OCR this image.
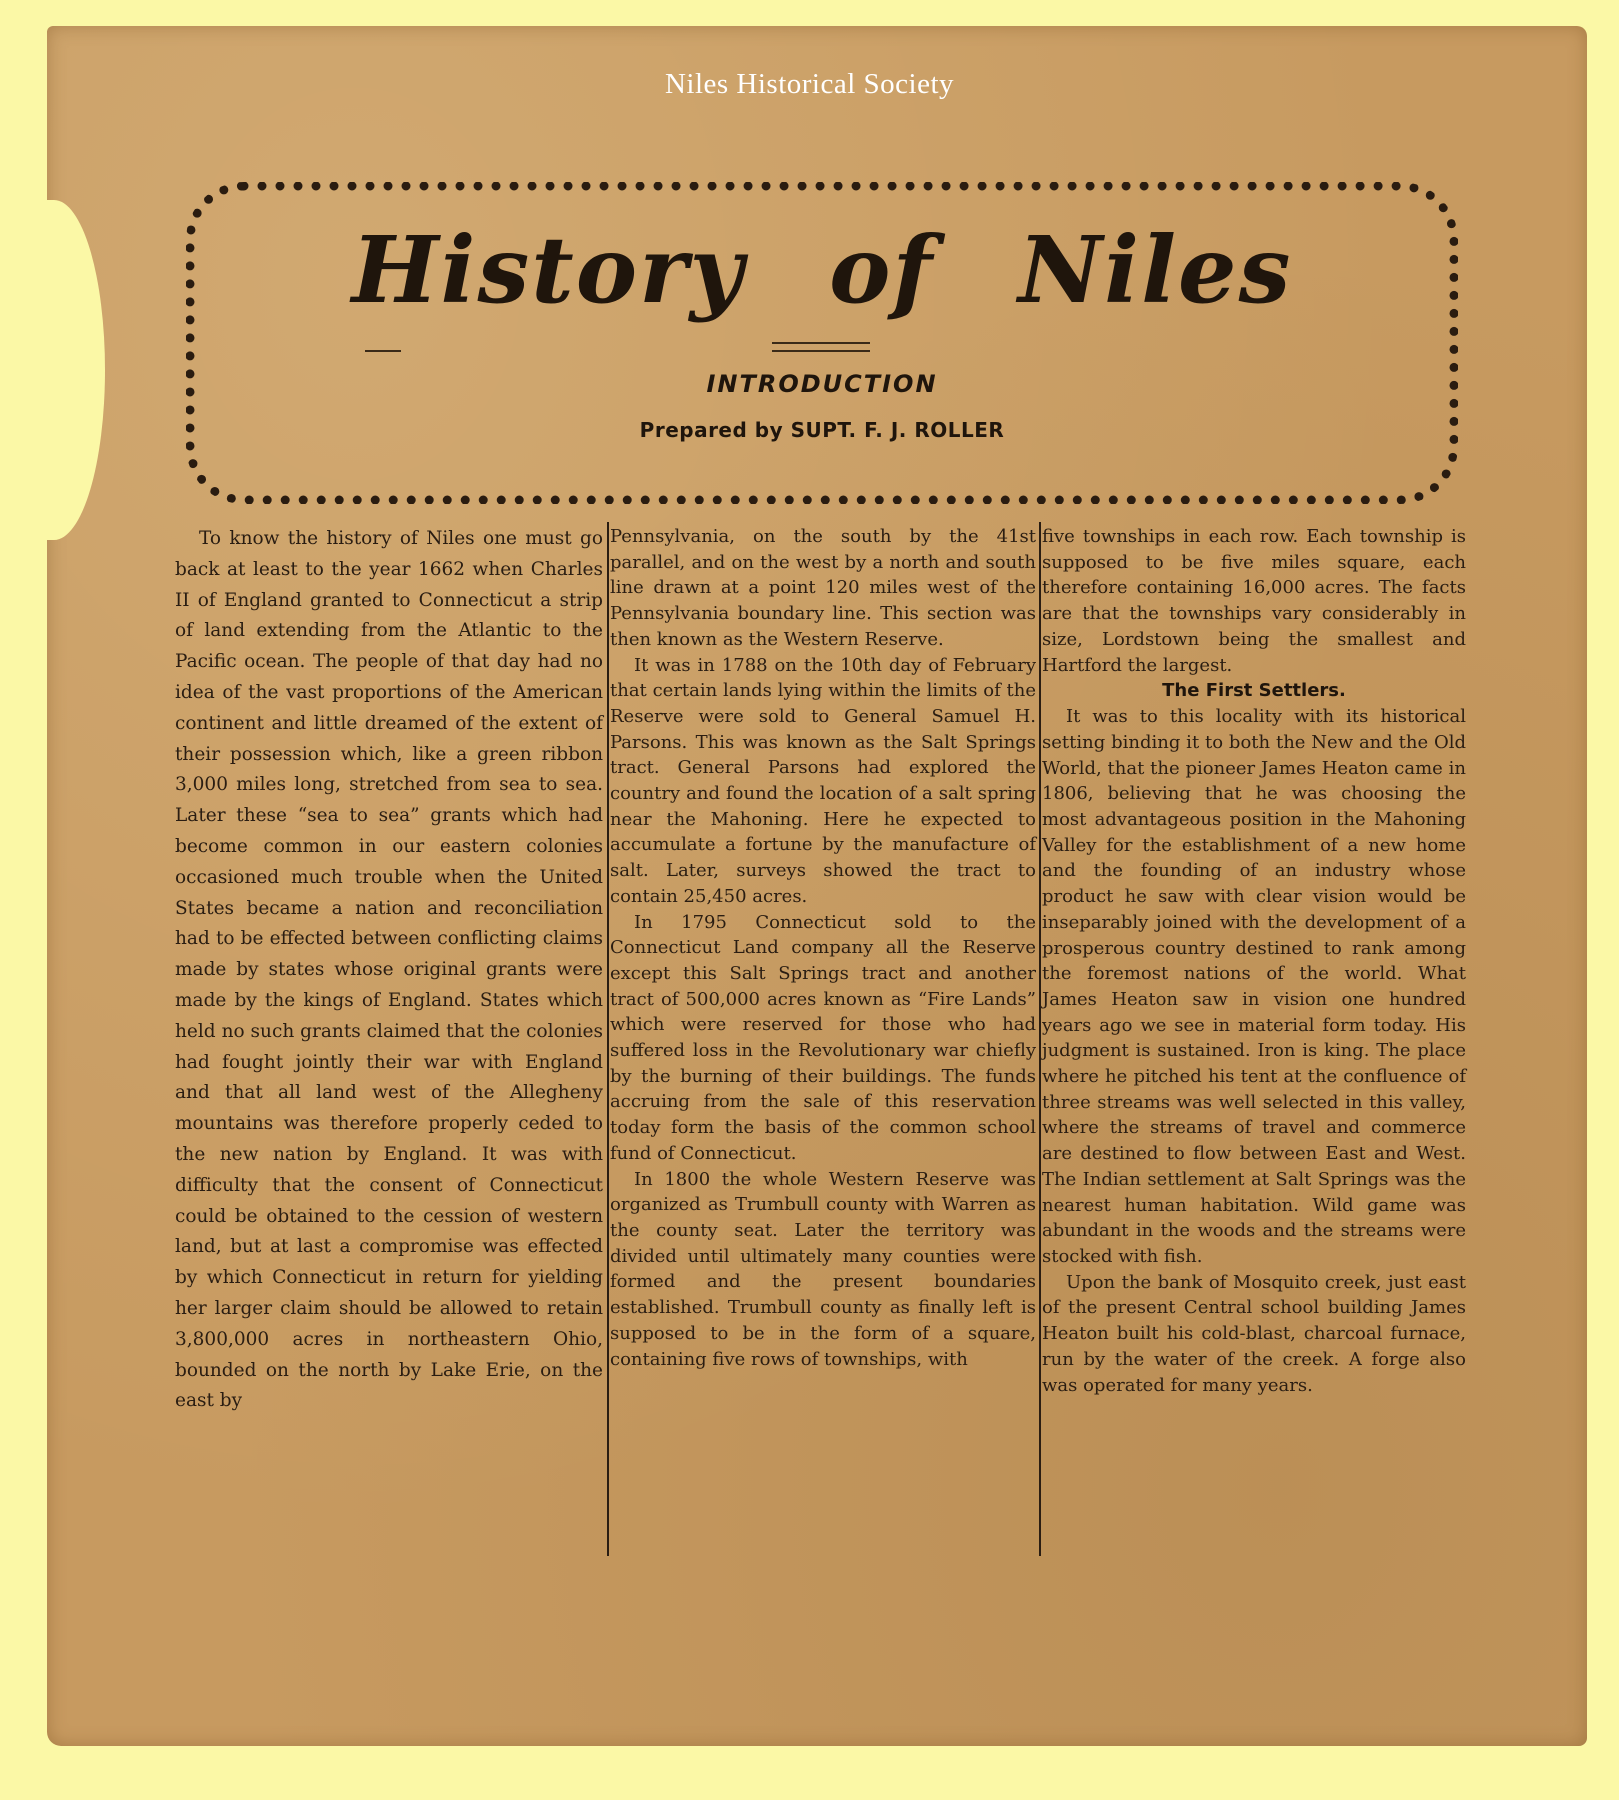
Niles Historical Society
History of Niles
INTRODUCTION
Prepared by SUPT. F. J. ROLLER

To know the history of Niles one must go back at least to the year 1662 when Charles II of England granted to Connecticut a strip of land extending from the Atlantic to the Pacific ocean. The people of that day had no idea of the vast proportions of the American continent and little dreamed of the extent of their possession which, like a green ribbon 3,000 miles long, stretched from sea to sea. Later these “sea to sea” grants which had become common in our eastern colonies occasioned much trouble when the United States became a nation and reconciliation had to be effected between conflicting claims made by states whose original grants were made by the kings of England. States which held no such grants claimed that the colonies had fought jointly their war with England and that all land west of the Allegheny mountains was therefore properly ceded to the new nation by England. It was with difficulty that the consent of Connecticut could be obtained to the cession of western land, but at last a compromise was effected by which Connecticut in return for yielding her larger claim should be allowed to retain 3,800,000 acres in northeastern Ohio, bounded on the north by Lake Erie, on the east by

Pennsylvania, on the south by the 41st parallel, and on the west by a north and south line drawn at a point 120 miles west of the Pennsylvania boundary line. This section was then known as the Western Reserve.

It was in 1788 on the 10th day of February that certain lands lying within the limits of the Reserve were sold to General Samuel H. Parsons. This was known as the Salt Springs tract. General Parsons had explored the country and found the location of a salt spring near the Mahoning. Here he expected to accumulate a fortune by the manufacture of salt. Later, surveys showed the tract to contain 25,450 acres.

In 1795 Connecticut sold to the Connecticut Land company all the Reserve except this Salt Springs tract and another tract of 500,000 acres known as “Fire Lands” which were reserved for those who had suffered loss in the Revolutionary war chiefly by the burning of their buildings. The funds accruing from the sale of this reservation today form the basis of the common school fund of Connecticut.

In 1800 the whole Western Reserve was organized as Trumbull county with Warren as the county seat. Later the territory was divided until ultimately many counties were formed and the present boundaries established. Trumbull county as finally left is supposed to be in the form of a square, containing five rows of townships, with

five townships in each row. Each township is supposed to be five miles square, each therefore containing 16,000 acres. The facts are that the townships vary considerably in size, Lordstown being the smallest and Hartford the largest.

The First Settlers.

It was to this locality with its historical setting binding it to both the New and the Old World, that the pioneer James Heaton came in 1806, believing that he was choosing the most advantageous position in the Mahoning Valley for the establishment of a new home and the founding of an industry whose product he saw with clear vision would be inseparably joined with the development of a prosperous country destined to rank among the foremost nations of the world. What James Heaton saw in vision one hundred years ago we see in material form today. His judgment is sustained. Iron is king. The place where he pitched his tent at the confluence of three streams was well selected in this valley, where the streams of travel and commerce are destined to flow between East and West. The Indian settlement at Salt Springs was the nearest human habitation. Wild game was abundant in the woods and the streams were stocked with fish.

Upon the bank of Mosquito creek, just east of the present Central school building James Heaton built his cold-blast, charcoal furnace, run by the water of the creek. A forge also was operated for many years.
